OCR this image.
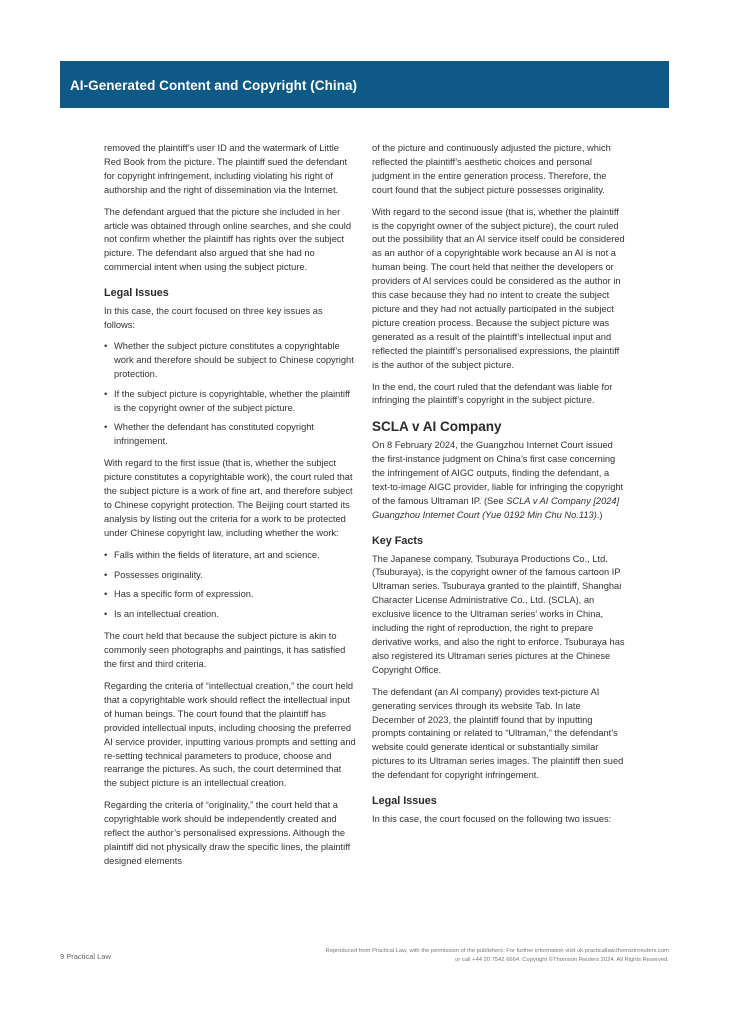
AI-Generated Content and Copyright (China)

removed the plaintiff’s user ID and the watermark of Little Red Book from the picture. The plaintiff sued the defendant for copyright infringement, including violating his right of authorship and the right of dissemination via the Internet.

The defendant argued that the picture she included in her article was obtained through online searches, and she could not confirm whether the plaintiff has rights over the subject picture. The defendant also argued that she had no commercial intent when using the subject picture.

Legal Issues

In this case, the court focused on three key issues as follows:

• Whether the subject picture constitutes a copyrightable work and therefore should be subject to Chinese copyright protection.
• If the subject picture is copyrightable, whether the plaintiff is the copyright owner of the subject picture.
• Whether the defendant has constituted copyright infringement.

With regard to the first issue (that is, whether the subject picture constitutes a copyrightable work), the court ruled that the subject picture is a work of fine art, and therefore subject to Chinese copyright protection. The Beijing court started its analysis by listing out the criteria for a work to be protected under Chinese copyright law, including whether the work:

• Falls within the fields of literature, art and science.
• Possesses originality.
• Has a specific form of expression.
• Is an intellectual creation.

The court held that because the subject picture is akin to commonly seen photographs and paintings, it has satisfied the first and third criteria.

Regarding the criteria of “intellectual creation,” the court held that a copyrightable work should reflect the intellectual input of human beings. The court found that the plaintiff has provided intellectual inputs, including choosing the preferred AI service provider, inputting various prompts and setting and re-setting technical parameters to produce, choose and rearrange the pictures. As such, the court determined that the subject picture is an intellectual creation.

Regarding the criteria of “originality,” the court held that a copyrightable work should be independently created and reflect the author’s personalised expressions. Although the plaintiff did not physically draw the specific lines, the plaintiff designed elements

of the picture and continuously adjusted the picture, which reflected the plaintiff’s aesthetic choices and personal judgment in the entire generation process. Therefore, the court found that the subject picture possesses originality.

With regard to the second issue (that is, whether the plaintiff is the copyright owner of the subject picture), the court ruled out the possibility that an AI service itself could be considered as an author of a copyrightable work because an AI is not a human being. The court held that neither the developers or providers of AI services could be considered as the author in this case because they had no intent to create the subject picture and they had not actually participated in the subject picture creation process. Because the subject picture was generated as a result of the plaintiff’s intellectual input and reflected the plaintiff’s personalised expressions, the plaintiff is the author of the subject picture.

In the end, the court ruled that the defendant was liable for infringing the plaintiff’s copyright in the subject picture.

SCLA v AI Company

On 8 February 2024, the Guangzhou Internet Court issued the first-instance judgment on China’s first case concerning the infringement of AIGC outputs, finding the defendant, a text-to-image AIGC provider, liable for infringing the copyright of the famous Ultraman IP. (See SCLA v AI Company [2024] Guangzhou Internet Court (Yue 0192 Min Chu No.113).)

Key Facts

The Japanese company, Tsuburaya Productions Co., Ltd. (Tsuburaya), is the copyright owner of the famous cartoon IP Ultraman series. Tsuburaya granted to the plaintiff, Shanghai Character License Administrative Co., Ltd. (SCLA), an exclusive licence to the Ultraman series’ works in China, including the right of reproduction, the right to prepare derivative works, and also the right to enforce. Tsuburaya has also registered its Ultraman series pictures at the Chinese Copyright Office.

The defendant (an AI company) provides text-picture AI generating services through its website Tab. In late December of 2023, the plaintiff found that by inputting prompts containing or related to “Ultraman,” the defendant’s website could generate identical or substantially similar pictures to its Ultraman series images. The plaintiff then sued the defendant for copyright infringement.

Legal Issues

In this case, the court focused on the following two issues:

9 Practical Law
Reproduced from Practical Law, with the permission of the publishers. For further information visit uk.practicallaw.thomsonreuters.com
or call +44 20 7542 6664. Copyright ©Thomson Reuters 2024. All Rights Reserved.
